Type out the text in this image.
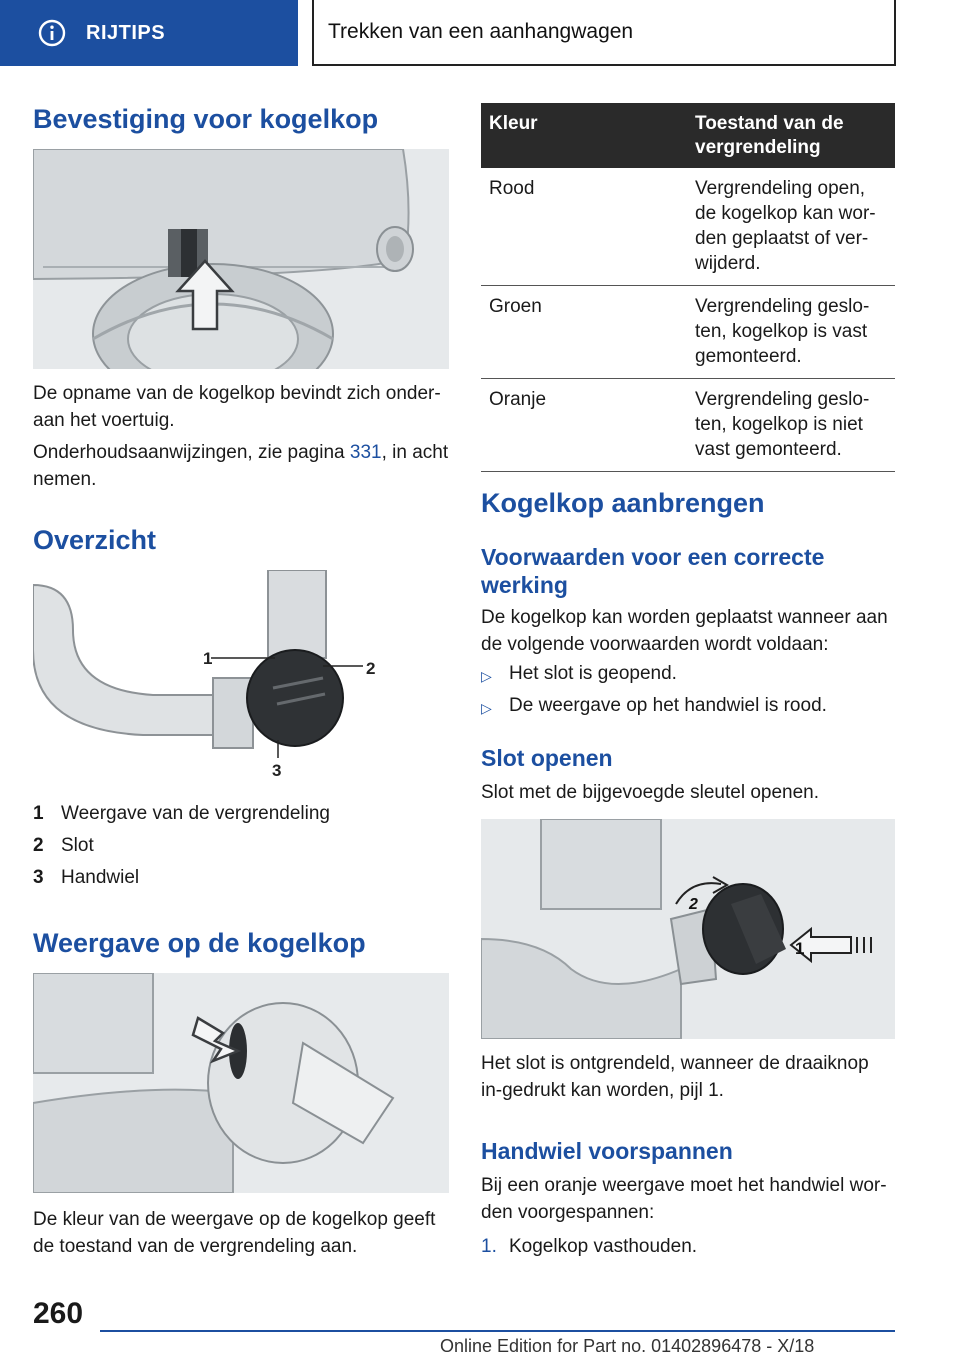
RIJTIPS	Trekken van een aanhangwagen
Bevestiging voor kogelkop

De opname van de kogelkop bevindt zich onder-aan het voertuig.

Onderhoudsaanwijzingen, zie pagina 331, in acht nemen.

Overzicht
1
2
3
1 Weergave van de vergrendeling
2 Slot
3 Handwiel
Weergave op de kogelkop

De kleur van de weergave op de kogelkop geeft de toestand van de vergrendeling aan.

Kleur	Toestand van de vergrendeling
Rood	Vergrendeling open, de kogelkop kan wor-den geplaatst of ver-wijderd.
Groen	Vergrendeling geslo-ten, kogelkop is vast gemonteerd.
Oranje	Vergrendeling geslo-ten, kogelkop is niet vast gemonteerd.
Kogelkop aanbrengen
Voorwaarden voor een correcte werking

De kogelkop kan worden geplaatst wanneer aan de volgende voorwaarden wordt voldaan:

▷ Het slot is geopend.
▷ De weergave op het handwiel is rood.
Slot openen

Slot met de bijgevoegde sleutel openen.

1
2

Het slot is ontgrendeld, wanneer de draaiknop in-gedrukt kan worden, pijl 1.

Handwiel voorspannen

Bij een oranje weergave moet het handwiel wor-den voorgespannen:

1. Kogelkop vasthouden.
260
Online Edition for Part no. 01402896478 - X/18
